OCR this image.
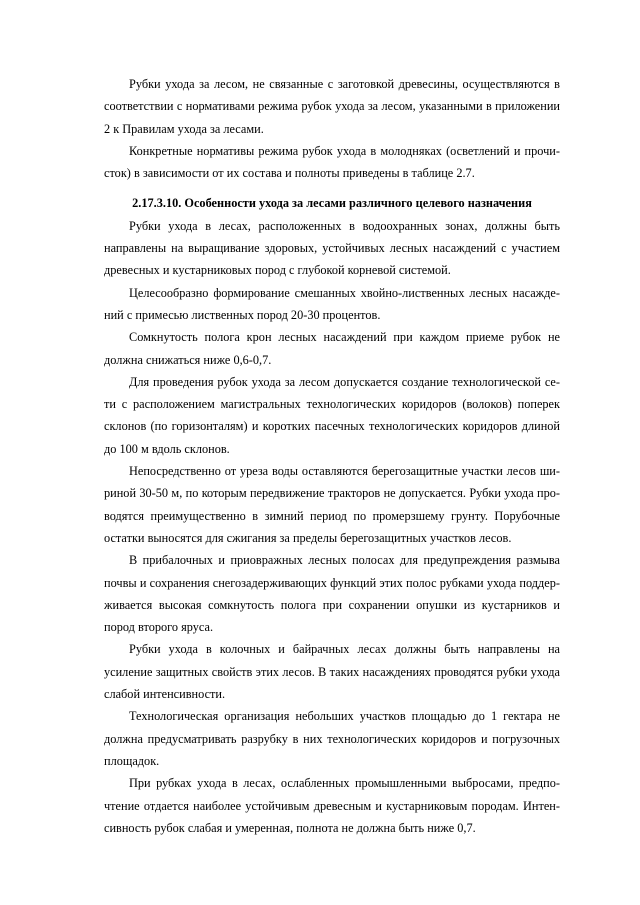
Рубки ухода за лесом, не связанные с заготовкой древесины, осуществляются в соответствии с нормативами режима рубок ухода за лесом, указанными в приложении 2 к Правилам ухода за лесами.

Конкретные нормативы режима рубок ухода в молодняках (осветлений и прочисток) в зависимости от их состава и полноты приведены в таблице 2.7.

2.17.3.10. Особенности ухода за лесами различного целевого назначения

Рубки ухода в лесах, расположенных в водоохранных зонах, должны быть направлены на выращивание здоровых, устойчивых лесных насаждений с участием древесных и кустарниковых пород с глубокой корневой системой.

Целесообразно формирование смешанных хвойно-лиственных лесных насаждений с примесью лиственных пород 20-30 процентов.

Сомкнутость полога крон лесных насаждений при каждом приеме рубок не должна снижаться ниже 0,6-0,7.

Для проведения рубок ухода за лесом допускается создание технологической сети с расположением магистральных технологических коридоров (волоков) поперек склонов (по горизонталям) и коротких пасечных технологических коридоров длиной до 100 м вдоль склонов.

Непосредственно от уреза воды оставляются берегозащитные участки лесов шириной 30-50 м, по которым передвижение тракторов не допускается. Рубки ухода проводятся преимущественно в зимний период по промерзшему грунту. Порубочные остатки выносятся для сжигания за пределы берегозащитных участков лесов.

В прибалочных и приовражных лесных полосах для предупреждения размыва почвы и сохранения снегозадерживающих функций этих полос рубками ухода поддерживается высокая сомкнутость полога при сохранении опушки из кустарников и пород второго яруса.

Рубки ухода в колочных и байрачных лесах должны быть направлены на усиление защитных свойств этих лесов. В таких насаждениях проводятся рубки ухода слабой интенсивности.

Технологическая организация небольших участков площадью до 1 гектара не должна предусматривать разрубку в них технологических коридоров и погрузочных площадок.

При рубках ухода в лесах, ослабленных промышленными выбросами, предпочтение отдается наиболее устойчивым древесным и кустарниковым породам. Интенсивность рубок слабая и умеренная, полнота не должна быть ниже 0,7.
